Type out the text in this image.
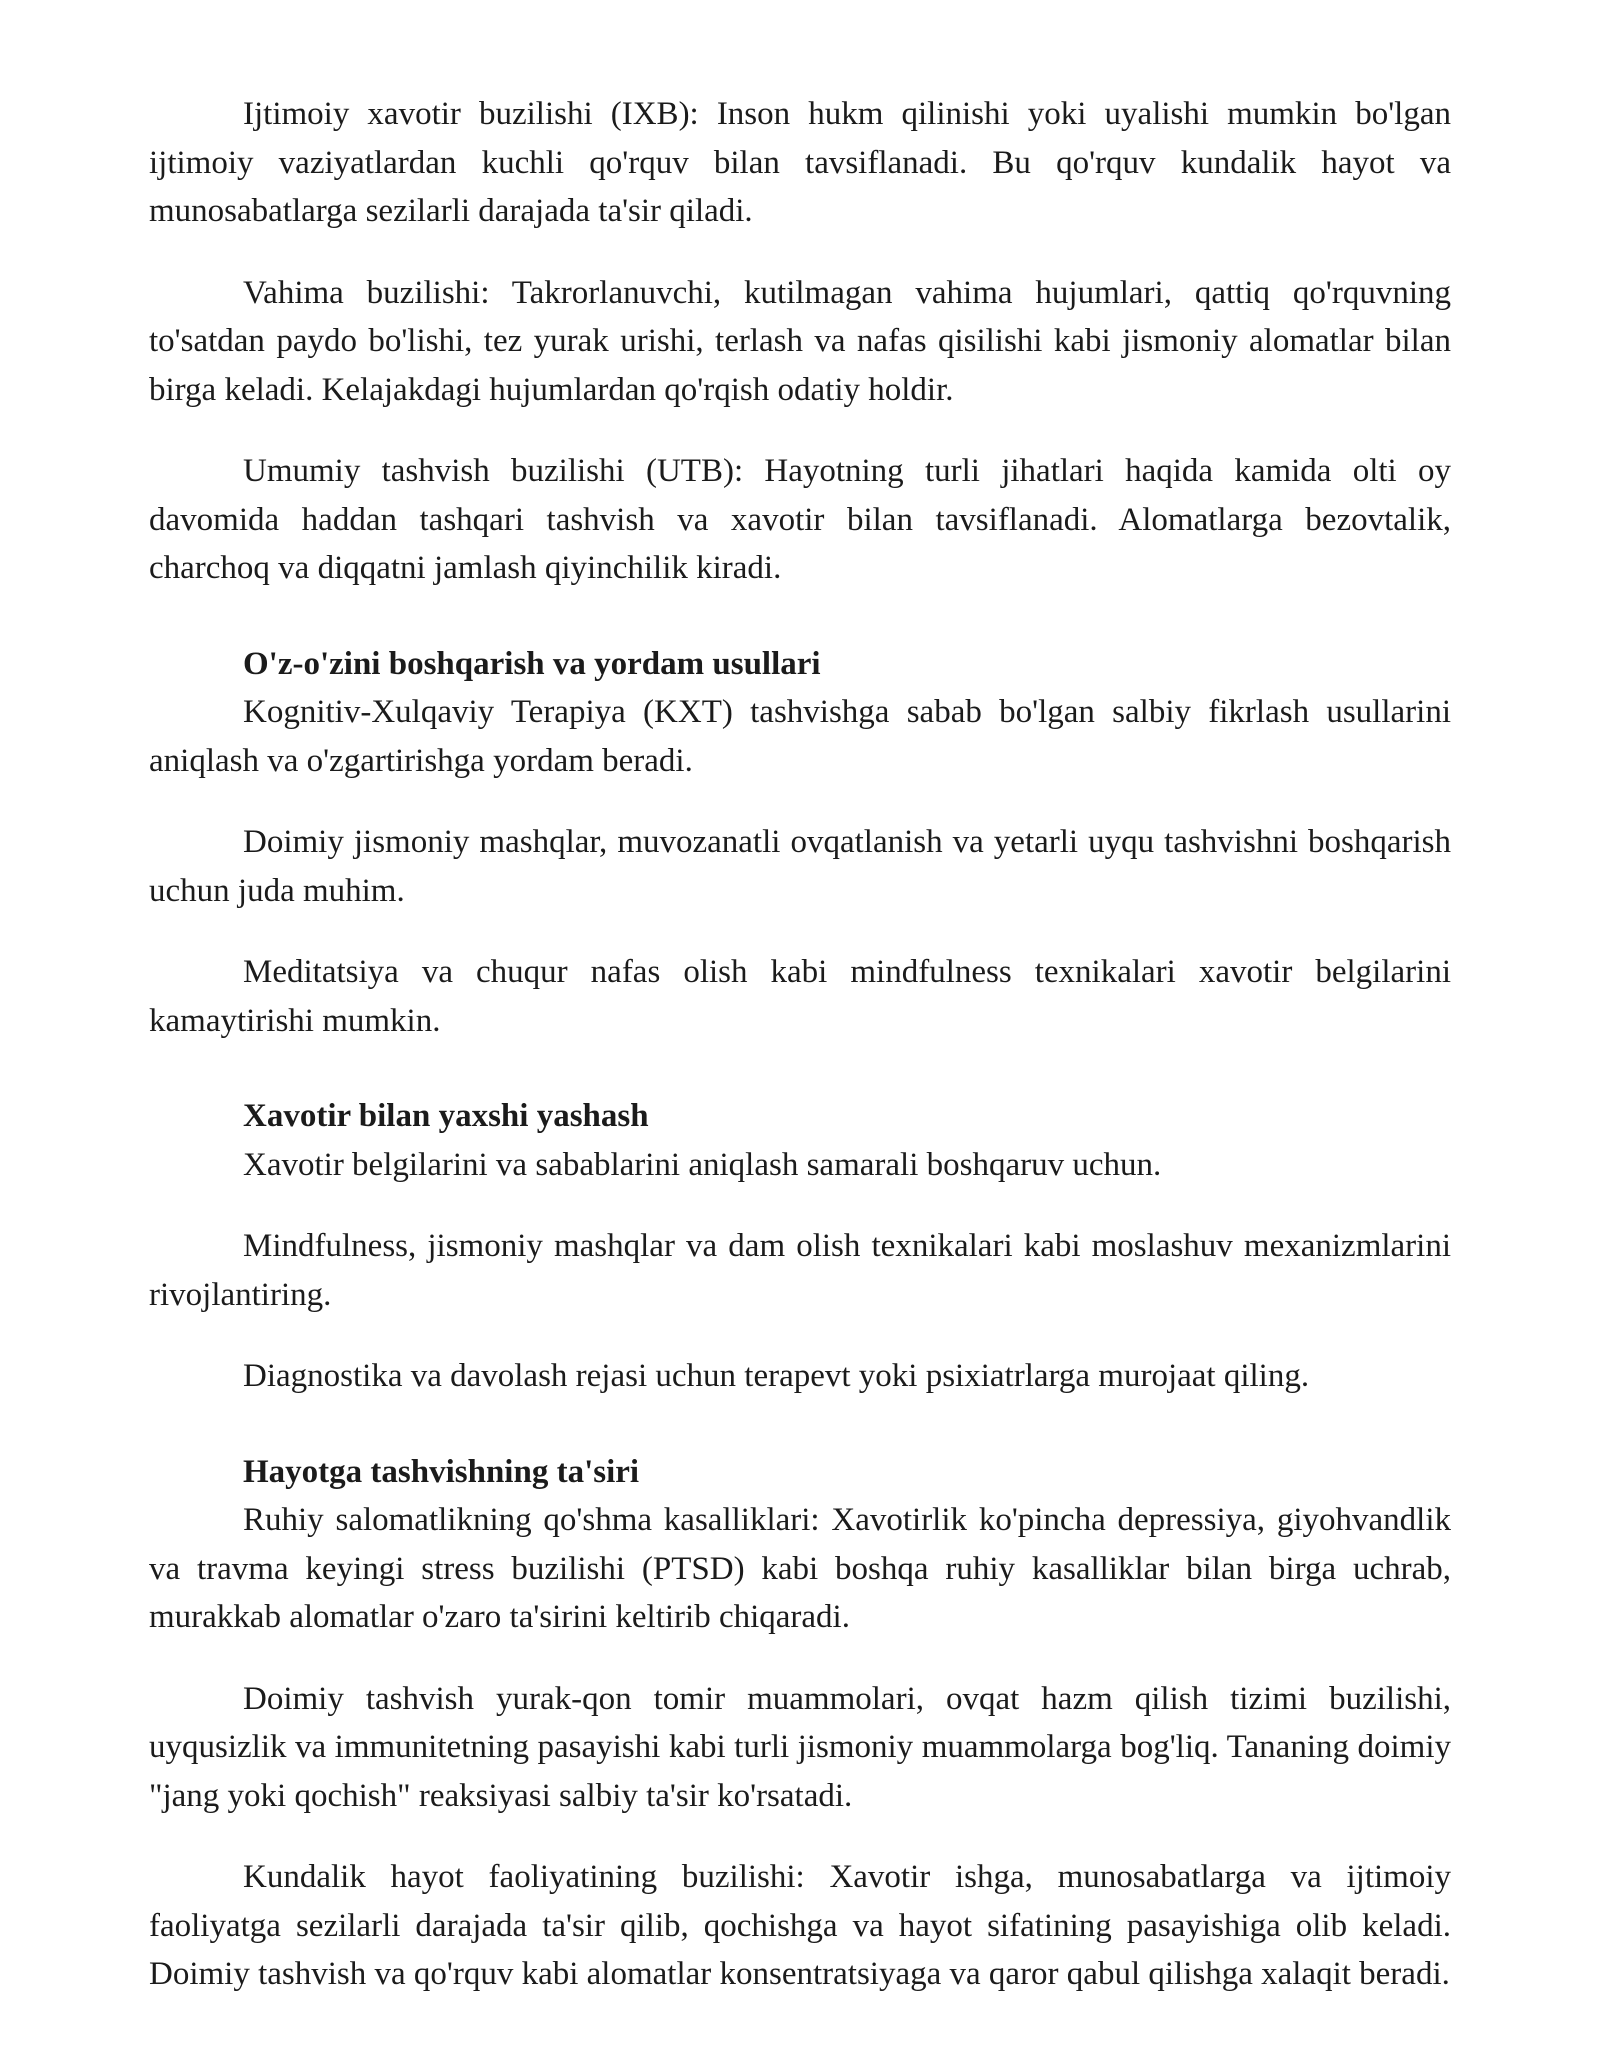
Ijtimoiy xavotir buzilishi (IXB): Inson hukm qilinishi yoki uyalishi mumkin bo'lgan ijtimoiy vaziyatlardan kuchli qo'rquv bilan tavsiflanadi. Bu qo'rquv kundalik hayot va munosabatlarga sezilarli darajada ta'sir qiladi.

Vahima buzilishi: Takrorlanuvchi, kutilmagan vahima hujumlari, qattiq qo'rquvning to'satdan paydo bo'lishi, tez yurak urishi, terlash va nafas qisilishi kabi jismoniy alomatlar bilan birga keladi. Kelajakdagi hujumlardan qo'rqish odatiy holdir.

Umumiy tashvish buzilishi (UTB): Hayotning turli jihatlari haqida kamida olti oy davomida haddan tashqari tashvish va xavotir bilan tavsiflanadi. Alomatlarga bezovtalik, charchoq va diqqatni jamlash qiyinchilik kiradi.

O'z-o'zini boshqarish va yordam usullari

Kognitiv-Xulqaviy Terapiya (KXT) tashvishga sabab bo'lgan salbiy fikrlash usullarini aniqlash va o'zgartirishga yordam beradi.

Doimiy jismoniy mashqlar, muvozanatli ovqatlanish va yetarli uyqu tashvishni boshqarish uchun juda muhim.

Meditatsiya va chuqur nafas olish kabi mindfulness texnikalari xavotir belgilarini kamaytirishi mumkin.

Xavotir bilan yaxshi yashash

Xavotir belgilarini va sabablarini aniqlash samarali boshqaruv uchun.

Mindfulness, jismoniy mashqlar va dam olish texnikalari kabi moslashuv mexanizmlarini rivojlantiring.

Diagnostika va davolash rejasi uchun terapevt yoki psixiatrlarga murojaat qiling.

Hayotga tashvishning ta'siri

Ruhiy salomatlikning qo'shma kasalliklari: Xavotirlik ko'pincha depressiya, giyohvandlik va travma keyingi stress buzilishi (PTSD) kabi boshqa ruhiy kasalliklar bilan birga uchrab, murakkab alomatlar o'zaro ta'sirini keltirib chiqaradi.

Doimiy tashvish yurak-qon tomir muammolari, ovqat hazm qilish tizimi buzilishi, uyqusizlik va immunitetning pasayishi kabi turli jismoniy muammolarga bog'liq. Tananing doimiy "jang yoki qochish" reaksiyasi salbiy ta'sir ko'rsatadi.

Kundalik hayot faoliyatining buzilishi: Xavotir ishga, munosabatlarga va ijtimoiy faoliyatga sezilarli darajada ta'sir qilib, qochishga va hayot sifatining pasayishiga olib keladi. Doimiy tashvish va qo'rquv kabi alomatlar konsentratsiyaga va qaror qabul qilishga xalaqit beradi.
